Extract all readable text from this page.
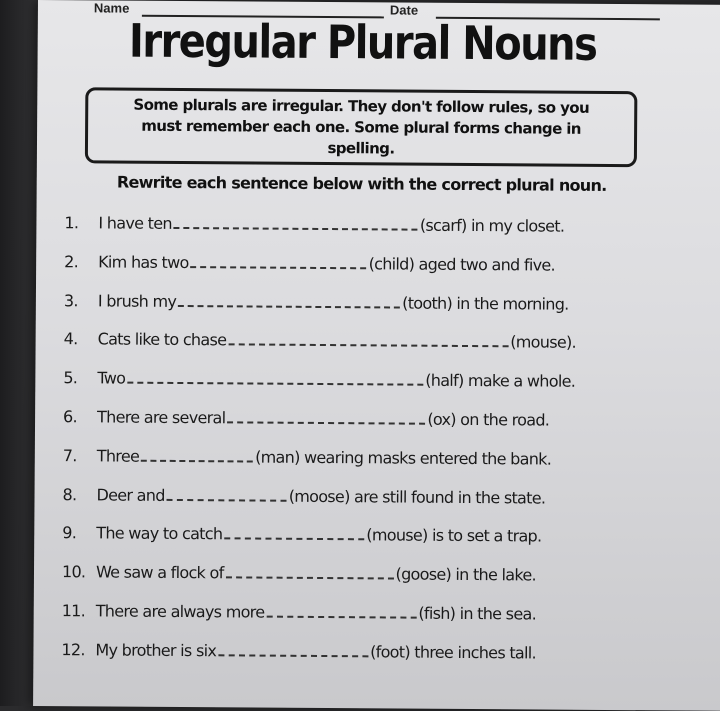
Name	Date
Irregular Plural Nouns
Some plurals are irregular. They don't follow rules, so you must remember each one. Some plural forms change in spelling.
Rewrite each sentence below with the correct plural noun.
1.	I have ten	(scarf) in my closet.
2.	Kim has two	(child) aged two and five.
3.	I brush my	(tooth) in the morning.
4.	Cats like to chase	(mouse).
5.	Two	(half) make a whole.
6.	There are several	(ox) on the road.
7.	Three	(man) wearing masks entered the bank.
8.	Deer and	(moose) are still found in the state.
9.	The way to catch	(mouse) is to set a trap.
10. We saw a flock of	(goose) in the lake.
11. There are always more	(fish) in the sea.
12. My brother is six	(foot) three inches tall.
